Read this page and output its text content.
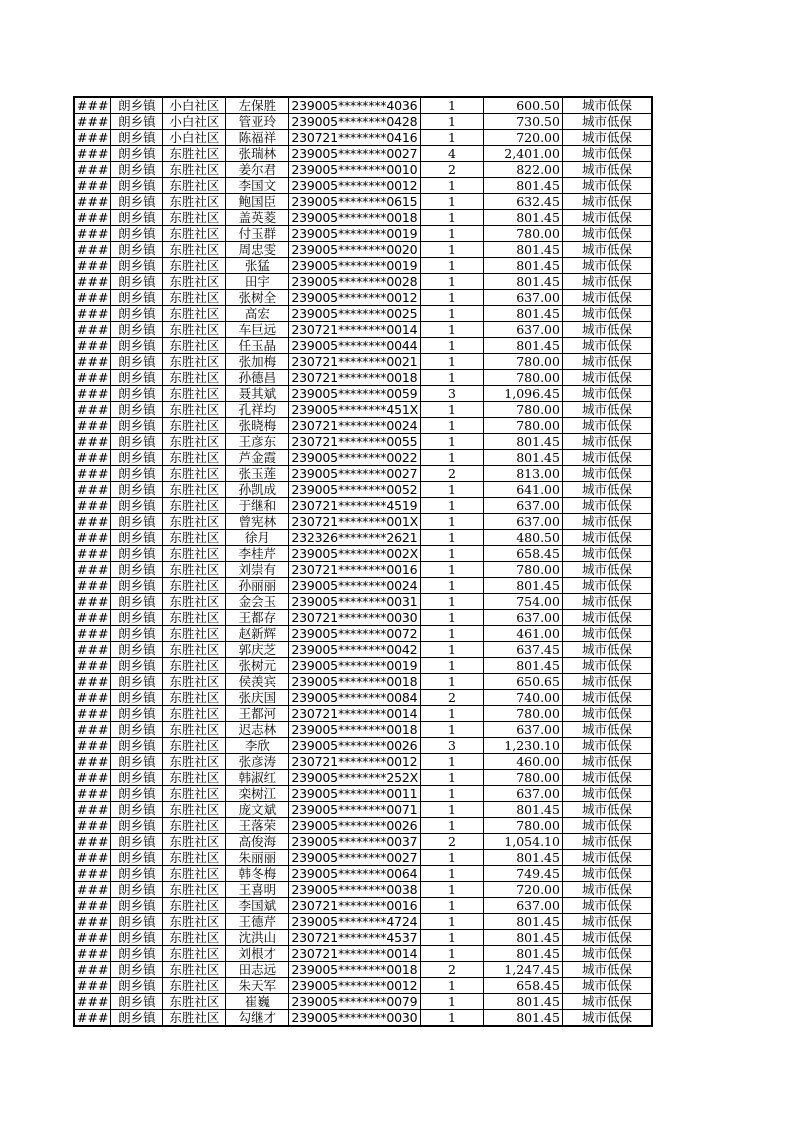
###	朗乡镇	小白社区	左保胜	239005********4036	1	600.50	城市低保
###	朗乡镇	小白社区	管亚玲	239005********0428	1	730.50	城市低保
###	朗乡镇	小白社区	陈福祥	230721********0416	1	720.00	城市低保
###	朗乡镇	东胜社区	张瑞林	239005********0027	4	2,401.00	城市低保
###	朗乡镇	东胜社区	姜尔君	239005********0010	2	822.00	城市低保
###	朗乡镇	东胜社区	李国文	239005********0012	1	801.45	城市低保
###	朗乡镇	东胜社区	鲍国臣	239005********0615	1	632.45	城市低保
###	朗乡镇	东胜社区	盖英菱	239005********0018	1	801.45	城市低保
###	朗乡镇	东胜社区	付玉群	239005********0019	1	780.00	城市低保
###	朗乡镇	东胜社区	周忠雯	239005********0020	1	801.45	城市低保
###	朗乡镇	东胜社区	张猛	239005********0019	1	801.45	城市低保
###	朗乡镇	东胜社区	田宇	239005********0028	1	801.45	城市低保
###	朗乡镇	东胜社区	张树全	239005********0012	1	637.00	城市低保
###	朗乡镇	东胜社区	高宏	239005********0025	1	801.45	城市低保
###	朗乡镇	东胜社区	车巨远	230721********0014	1	637.00	城市低保
###	朗乡镇	东胜社区	任玉晶	239005********0044	1	801.45	城市低保
###	朗乡镇	东胜社区	张加梅	230721********0021	1	780.00	城市低保
###	朗乡镇	东胜社区	孙德昌	230721********0018	1	780.00	城市低保
###	朗乡镇	东胜社区	聂其斌	239005********0059	3	1,096.45	城市低保
###	朗乡镇	东胜社区	孔祥均	239005********451X	1	780.00	城市低保
###	朗乡镇	东胜社区	张晓梅	230721********0024	1	780.00	城市低保
###	朗乡镇	东胜社区	王彦东	230721********0055	1	801.45	城市低保
###	朗乡镇	东胜社区	芦金霞	239005********0022	1	801.45	城市低保
###	朗乡镇	东胜社区	张玉莲	239005********0027	2	813.00	城市低保
###	朗乡镇	东胜社区	孙凯成	239005********0052	1	641.00	城市低保
###	朗乡镇	东胜社区	于继和	230721********4519	1	637.00	城市低保
###	朗乡镇	东胜社区	曾宪林	230721********001X	1	637.00	城市低保
###	朗乡镇	东胜社区	徐月	232326********2621	1	480.50	城市低保
###	朗乡镇	东胜社区	李桂芹	239005********002X	1	658.45	城市低保
###	朗乡镇	东胜社区	刘崇有	230721********0016	1	780.00	城市低保
###	朗乡镇	东胜社区	孙丽丽	239005********0024	1	801.45	城市低保
###	朗乡镇	东胜社区	金会玉	239005********0031	1	754.00	城市低保
###	朗乡镇	东胜社区	王都存	230721********0030	1	637.00	城市低保
###	朗乡镇	东胜社区	赵新辉	239005********0072	1	461.00	城市低保
###	朗乡镇	东胜社区	郭庆芝	239005********0042	1	637.45	城市低保
###	朗乡镇	东胜社区	张树元	239005********0019	1	801.45	城市低保
###	朗乡镇	东胜社区	侯羡宾	239005********0018	1	650.65	城市低保
###	朗乡镇	东胜社区	张庆国	239005********0084	2	740.00	城市低保
###	朗乡镇	东胜社区	王都河	230721********0014	1	780.00	城市低保
###	朗乡镇	东胜社区	迟志林	239005********0018	1	637.00	城市低保
###	朗乡镇	东胜社区	李欣	239005********0026	3	1,230.10	城市低保
###	朗乡镇	东胜社区	张彦涛	230721********0012	1	460.00	城市低保
###	朗乡镇	东胜社区	韩淑红	239005********252X	1	780.00	城市低保
###	朗乡镇	东胜社区	栾树江	239005********0011	1	637.00	城市低保
###	朗乡镇	东胜社区	庞文斌	239005********0071	1	801.45	城市低保
###	朗乡镇	东胜社区	王落荣	239005********0026	1	780.00	城市低保
###	朗乡镇	东胜社区	高俊海	239005********0037	2	1,054.10	城市低保
###	朗乡镇	东胜社区	朱丽丽	239005********0027	1	801.45	城市低保
###	朗乡镇	东胜社区	韩冬梅	239005********0064	1	749.45	城市低保
###	朗乡镇	东胜社区	王喜明	239005********0038	1	720.00	城市低保
###	朗乡镇	东胜社区	李国斌	230721********0016	1	637.00	城市低保
###	朗乡镇	东胜社区	王德芹	239005********4724	1	801.45	城市低保
###	朗乡镇	东胜社区	沈洪山	230721********4537	1	801.45	城市低保
###	朗乡镇	东胜社区	刘根才	230721********0014	1	801.45	城市低保
###	朗乡镇	东胜社区	田志远	239005********0018	2	1,247.45	城市低保
###	朗乡镇	东胜社区	朱天军	239005********0012	1	658.45	城市低保
###	朗乡镇	东胜社区	崔巍	239005********0079	1	801.45	城市低保
###	朗乡镇	东胜社区	勾继才	239005********0030	1	801.45	城市低保
